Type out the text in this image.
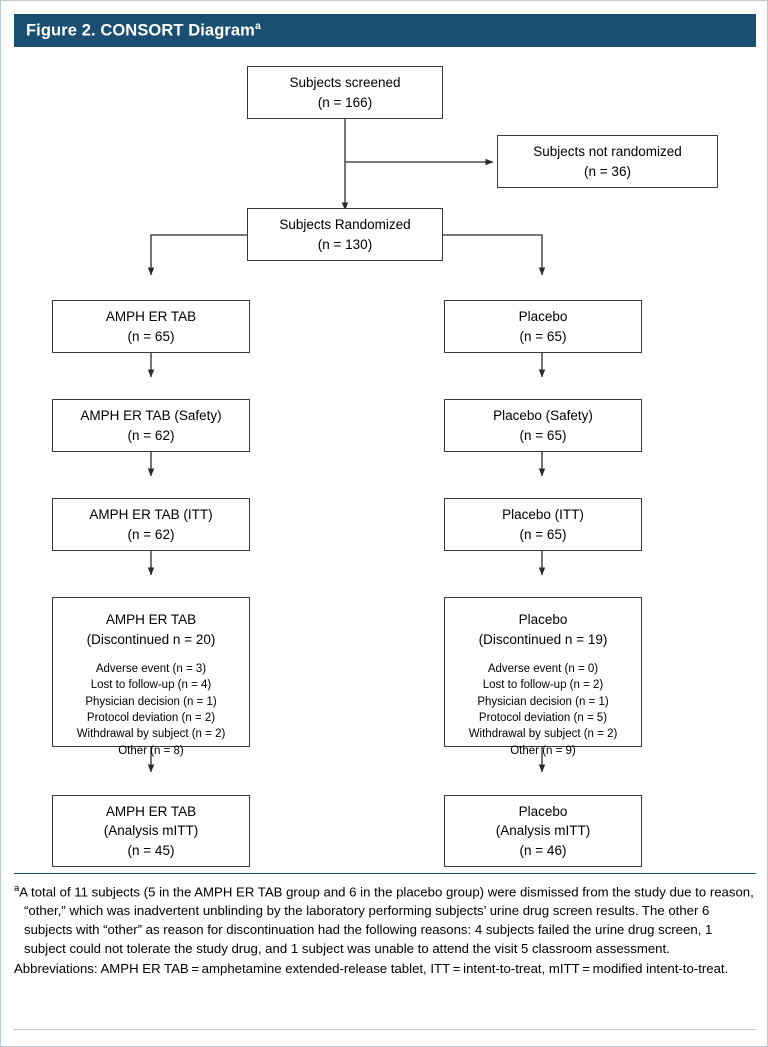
Figure 2. CONSORT Diagram$^a$
Subjects screened
(n = 166)
Subjects not randomized
(n = 36)
Subjects Randomized
(n = 130)
AMPH ER TAB
(n = 65)
Placebo
(n = 65)
AMPH ER TAB (Safety)
(n = 62)
Placebo (Safety)
(n = 65)
AMPH ER TAB (ITT)
(n = 62)
Placebo (ITT)
(n = 65)
AMPH ER TAB
(Discontinued n = 20)
Adverse event (n = 3)
Lost to follow-up (n = 4)
Physician decision (n = 1)
Protocol deviation (n = 2)
Withdrawal by subject (n = 2)
Other (n = 8)
Placebo
(Discontinued n = 19)
Adverse event (n = 0)
Lost to follow-up (n = 2)
Physician decision (n = 1)
Protocol deviation (n = 5)
Withdrawal by subject (n = 2)
Other (n = 9)
AMPH ER TAB
(Analysis mITT)
(n = 45)
Placebo
(Analysis mITT)
(n = 46)

$^a$A total of 11 subjects (5 in the AMPH ER TAB group and 6 in the placebo group) were dismissed from the study due to reason, “other,” which was inadvertent unblinding by the laboratory performing subjects’ urine drug screen results. The other 6 subjects with “other” as reason for discontinuation had the following reasons: 4 subjects failed the urine drug screen, 1 subject could not tolerate the study drug, and 1 subject was unable to attend the visit 5 classroom assessment.

Abbreviations: AMPH ER TAB = amphetamine extended-release tablet, ITT = intent-to-treat, mITT = modified intent-to-treat.
